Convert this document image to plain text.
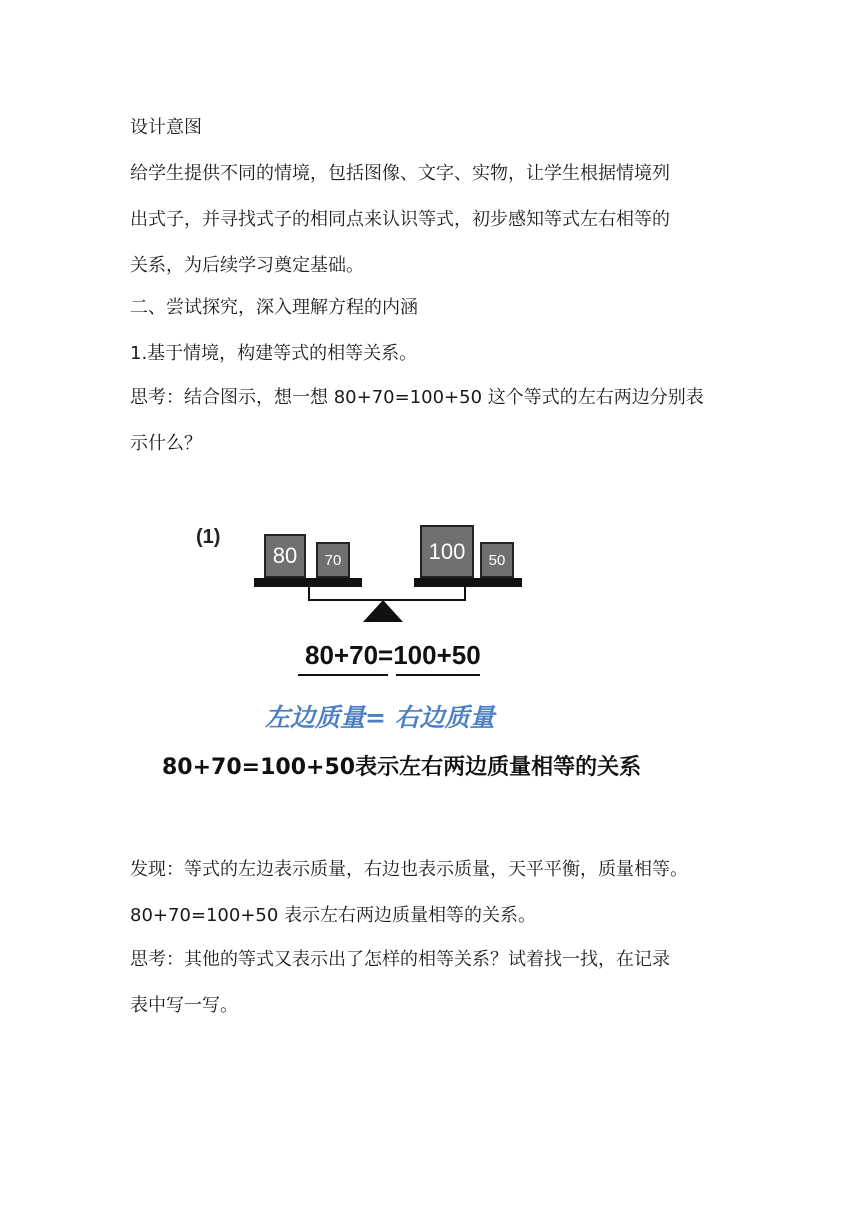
设计意图

给学生提供不同的情境，包括图像、文字、实物，让学生根据情境列

出式子，并寻找式子的相同点来认识等式，初步感知等式左右相等的

关系，为后续学习奠定基础。

二、尝试探究，深入理解方程的内涵

1.基于情境，构建等式的相等关系。

思考：结合图示，想一想 80+70=100+50 这个等式的左右两边分别表

示什么？

(1)
80	70	100	50
80+70=100+50
左边质量= 右边质量
80+70=100+50表示左右两边质量相等的关系

发现：等式的左边表示质量，右边也表示质量，天平平衡，质量相等。

80+70=100+50 表示左右两边质量相等的关系。

思考：其他的等式又表示出了怎样的相等关系？试着找一找，在记录

表中写一写。
